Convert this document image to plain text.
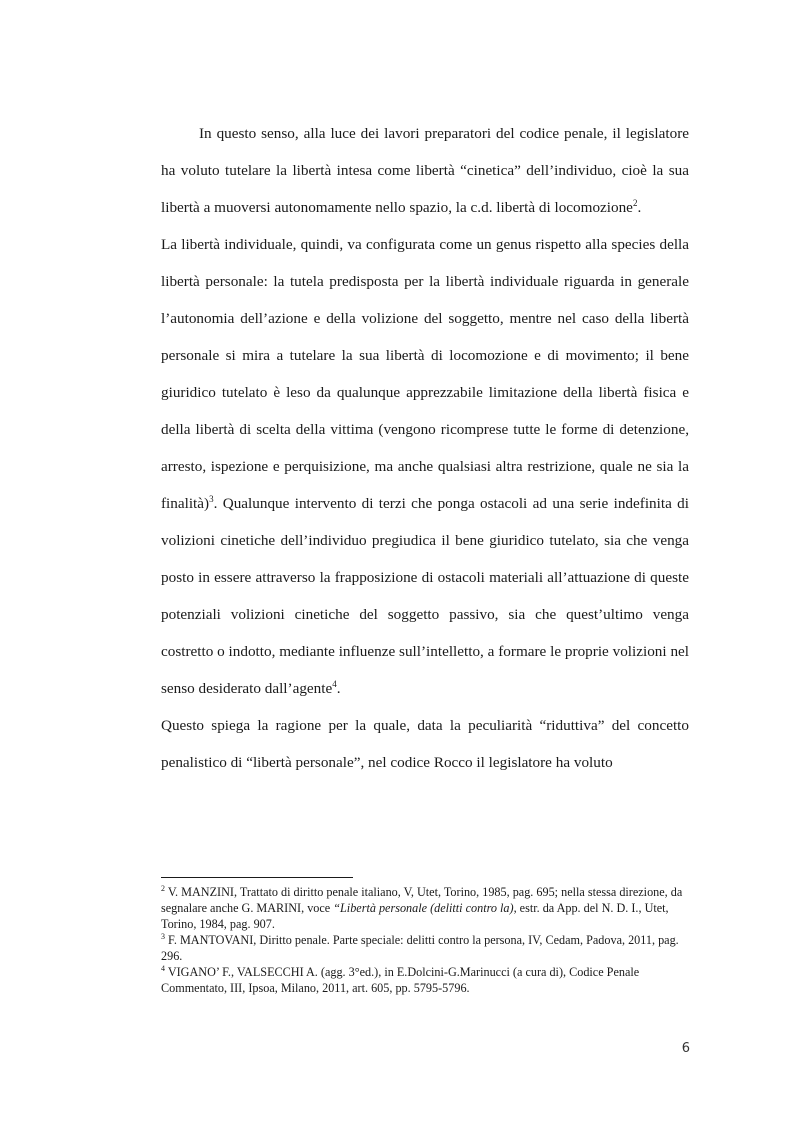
In questo senso, alla luce dei lavori preparatori del codice penale, il legislatore ha voluto tutelare la libertà intesa come libertà “cinetica” dell’individuo, cioè la sua libertà a muoversi autonomamente nello spazio, la c.d. libertà di locomozione$^2$.

La libertà individuale, quindi, va configurata come un genus rispetto alla species della libertà personale: la tutela predisposta per la libertà individuale riguarda in generale l’autonomia dell’azione e della volizione del soggetto, mentre nel caso della libertà personale si mira a tutelare la sua libertà di locomozione e di movimento; il bene giuridico tutelato è leso da qualunque apprezzabile limitazione della libertà fisica e della libertà di scelta della vittima (vengono ricomprese tutte le forme di detenzione, arresto, ispezione e perquisizione, ma anche qualsiasi altra restrizione, quale ne sia la finalità)$^3$. Qualunque intervento di terzi che ponga ostacoli ad una serie indefinita di volizioni cinetiche dell’individuo pregiudica il bene giuridico tutelato, sia che venga posto in essere attraverso la frapposizione di ostacoli materiali all’attuazione di queste potenziali volizioni cinetiche del soggetto passivo, sia che quest’ultimo venga costretto o indotto, mediante influenze sull’intelletto, a formare le proprie volizioni nel senso desiderato dall’agente$^4$.

Questo spiega la ragione per la quale, data la peculiarità “riduttiva” del concetto penalistico di “libertà personale”, nel codice Rocco il legislatore ha voluto

$^2$ V. MANZINI, Trattato di diritto penale italiano, V, Utet, Torino, 1985, pag. 695; nella stessa direzione, da segnalare anche G. MARINI, voce “Libertà personale (delitti contro la), estr. da App. del N. D. I., Utet, Torino, 1984, pag. 907.

$^3$ F. MANTOVANI, Diritto penale. Parte speciale: delitti contro la persona, IV, Cedam, Padova, 2011, pag. 296.

$^4$ VIGANO’ F., VALSECCHI A. (agg. 3°ed.), in E.Dolcini-G.Marinucci (a cura di), Codice Penale Commentato, III, Ipsoa, Milano, 2011, art. 605, pp. 5795-5796.

6
